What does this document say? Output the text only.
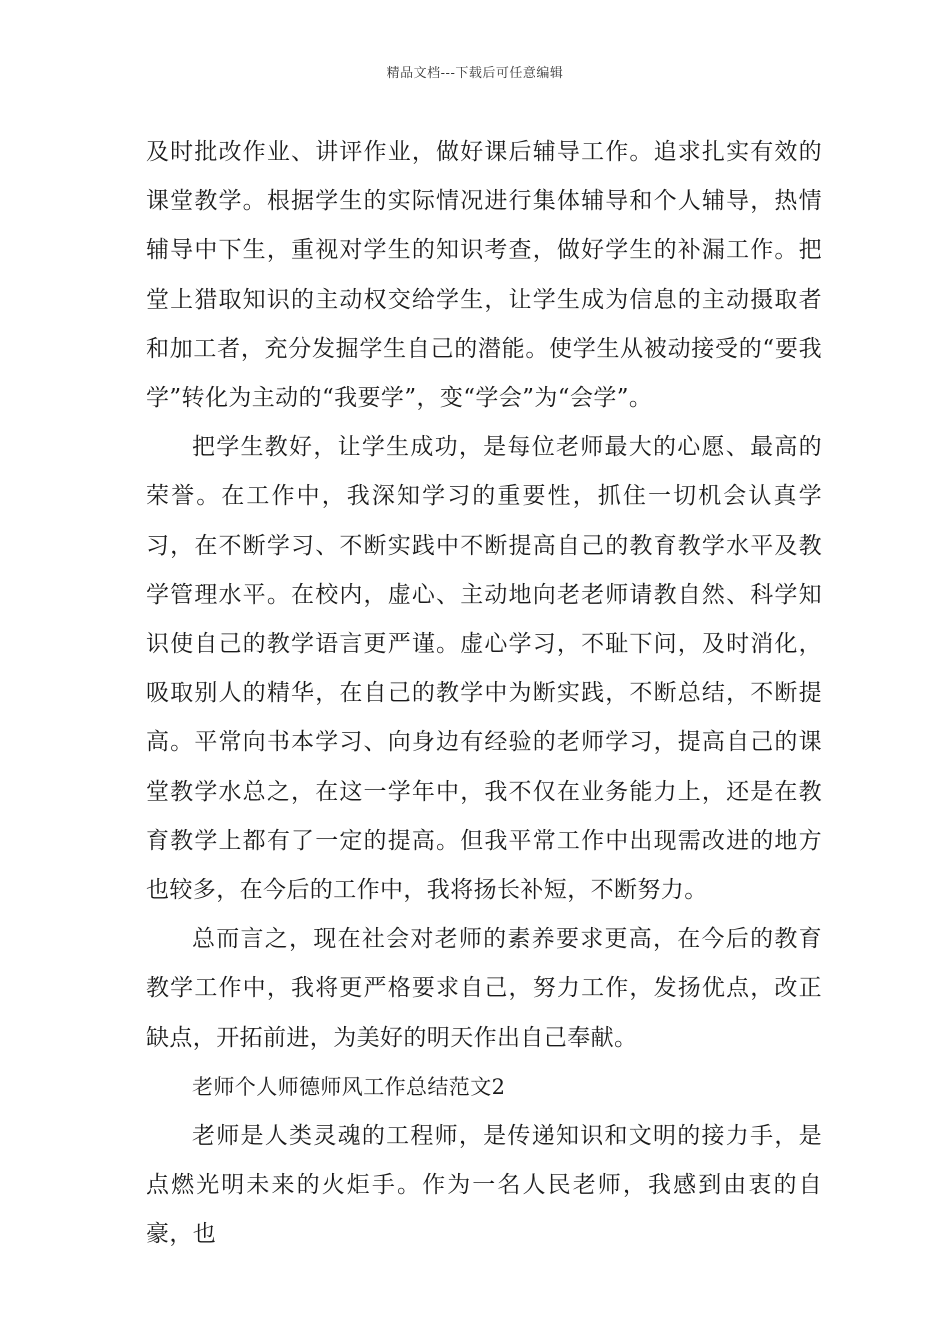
精品文档---下载后可任意编辑

及时批改作业、讲评作业，做好课后辅导工作。追求扎实有效的课堂教学。根据学生的实际情况进行集体辅导和个人辅导，热情辅导中下生，重视对学生的知识考查，做好学生的补漏工作。把堂上猎取知识的主动权交给学生，让学生成为信息的主动摄取者和加工者，充分发掘学生自己的潜能。使学生从被动接受的“要我学”转化为主动的“我要学”，变“学会”为“会学”。

把学生教好，让学生成功，是每位老师最大的心愿、最高的荣誉。在工作中，我深知学习的重要性，抓住一切机会认真学习，在不断学习、不断实践中不断提高自己的教育教学水平及教学管理水平。在校内，虚心、主动地向老老师请教自然、科学知识使自己的教学语言更严谨。虚心学习，不耻下问，及时消化，吸取别人的精华，在自己的教学中为断实践，不断总结，不断提高。平常向书本学习、向身边有经验的老师学习，提高自己的课堂教学水总之，在这一学年中，我不仅在业务能力上，还是在教育教学上都有了一定的提高。但我平常工作中出现需改进的地方也较多，在今后的工作中，我将扬长补短，不断努力。

总而言之，现在社会对老师的素养要求更高，在今后的教育教学工作中，我将更严格要求自己，努力工作，发扬优点，改正缺点，开拓前进，为美好的明天作出自己奉献。

老师个人师德师风工作总结范文2

老师是人类灵魂的工程师，是传递知识和文明的接力手，是点燃光明未来的火炬手。作为一名人民老师，我感到由衷的自豪，也
